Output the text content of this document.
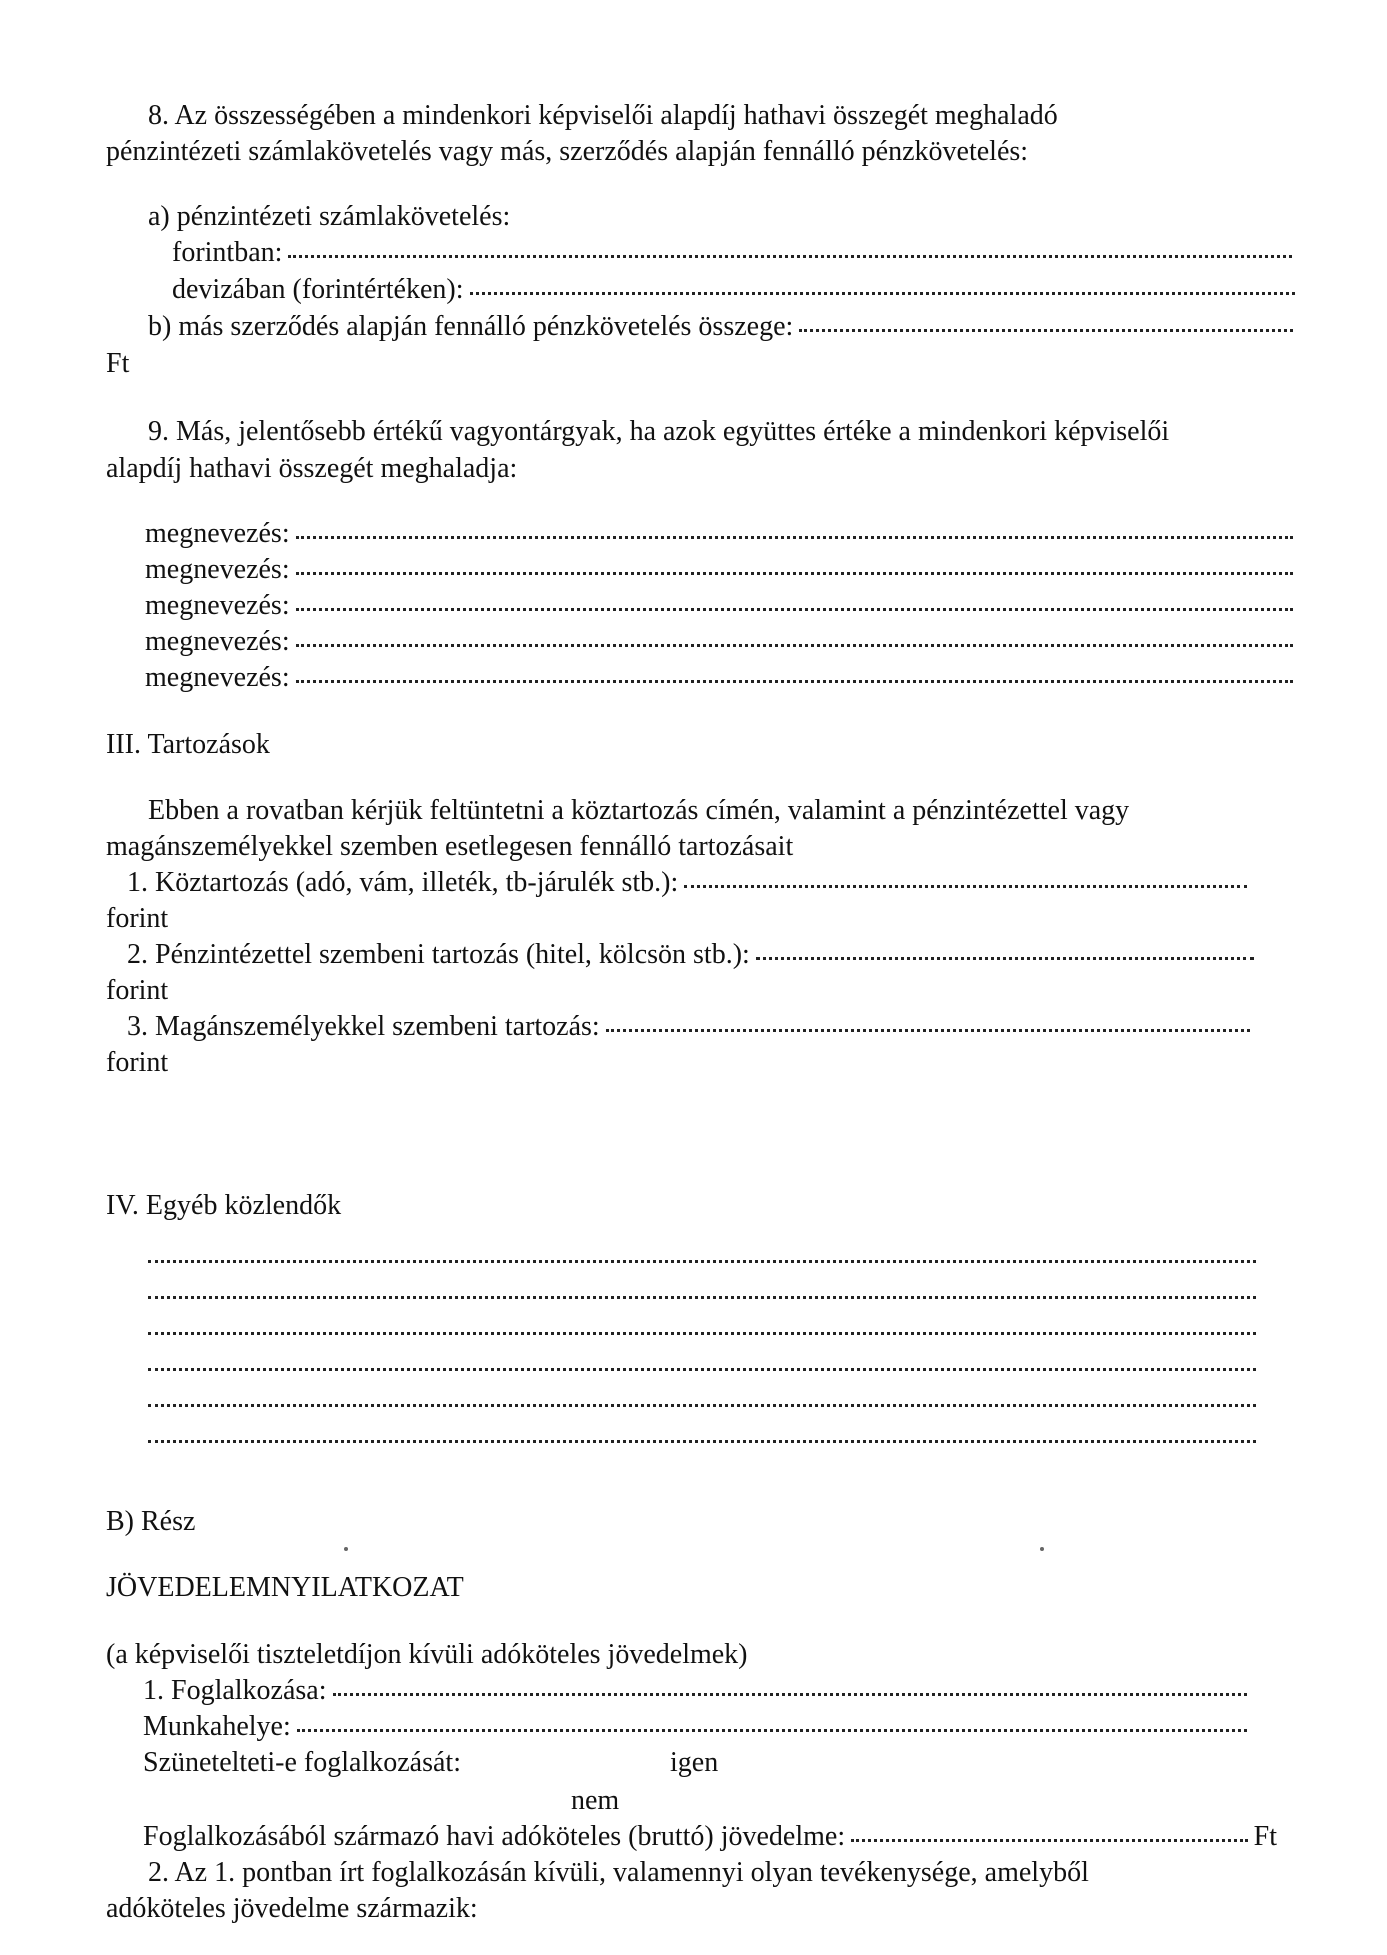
8. Az összességében a mindenkori képviselői alapdíj hathavi összegét meghaladó
pénzintézeti számlakövetelés vagy más, szerződés alapján fennálló pénzkövetelés:
a) pénzintézeti számlakövetelés:
forintban:
devizában (forintértéken):
b) más szerződés alapján fennálló pénzkövetelés összege:
Ft
9. Más, jelentősebb értékű vagyontárgyak, ha azok együttes értéke a mindenkori képviselői
alapdíj hathavi összegét meghaladja:
megnevezés:
megnevezés:
megnevezés:
megnevezés:
megnevezés:
III. Tartozások
Ebben a rovatban kérjük feltüntetni a köztartozás címén, valamint a pénzintézettel vagy
magánszemélyekkel szemben esetlegesen fennálló tartozásait
1. Köztartozás (adó, vám, illeték, tb-járulék stb.):
forint
2. Pénzintézettel szembeni tartozás (hitel, kölcsön stb.):
forint
3. Magánszemélyekkel szembeni tartozás:
forint
IV. Egyéb közlendők
B) Rész
JÖVEDELEMNYILATKOZAT
(a képviselői tiszteletdíjon kívüli adóköteles jövedelmek)
1. Foglalkozása:
Munkahelye:
Szünetelteti-e foglalkozását:	igen
nem
Foglalkozásából származó havi adóköteles (bruttó) jövedelme:	Ft
2. Az 1. pontban írt foglalkozásán kívüli, valamennyi olyan tevékenysége, amelyből
adóköteles jövedelme származik:
